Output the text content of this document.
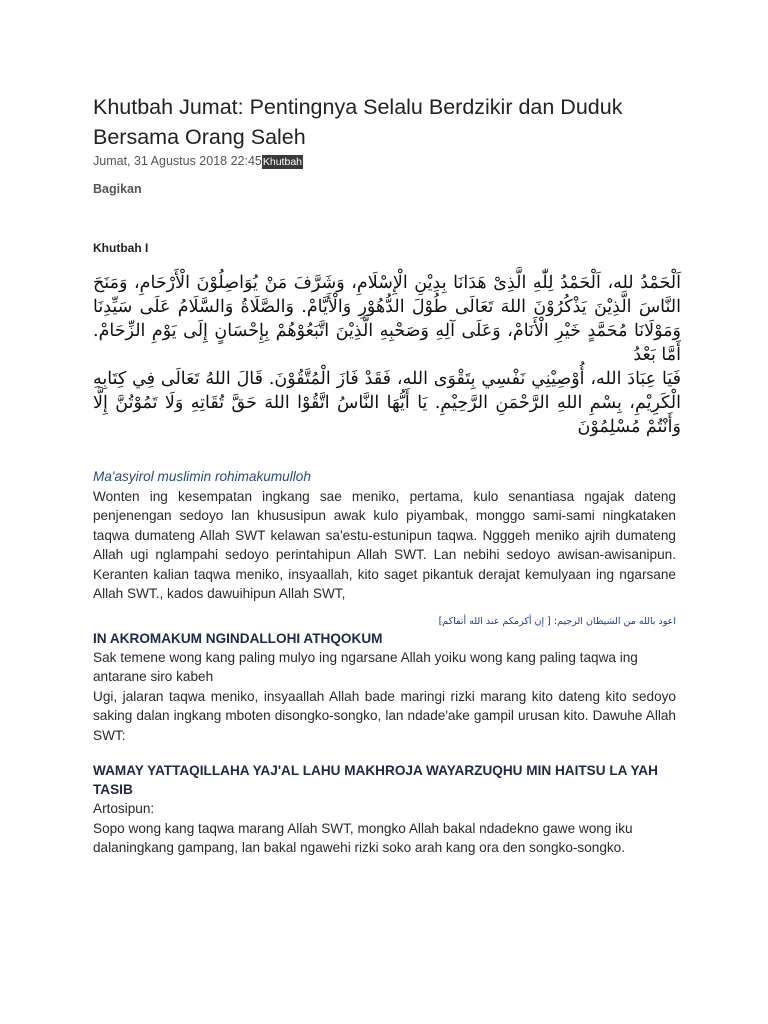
Khutbah Jumat: Pentingnya Selalu Berdzikir dan Duduk Bersama Orang Saleh
Jumat, 31 Agustus 2018 22:45Khutbah
Bagikan
Khutbah I

اَلْحَمْدُ لله، اَلْحَمْدُ لِلّٰهِ الَّذِىْ هَدَانَا بِدِيْنِ الْإِسْلَامِ، وَشَرَّفَ مَنْ يُوَاصِلُوْنَ الْأَرْحَامِ، وَمَنَحَ النَّاسَ الَّذِيْنَ يَذْكُرُوْنَ اللهَ تَعَالَى طُوْلَ الدُّهُوْرِ وَالْأَيَّامْ. وَالصَّلَاةُ وَالسَّلَامُ عَلَى سَيِّدِنَا وَمَوْلَانَا مُحَمَّدٍ خَيْرِ الْأَنَامْ، وَعَلَى آلِهِ وَصَحْبِهِ الَّذِيْنَ اتَّبَعُوْهُمْ بِإِحْسَانٍ إِلَى يَوْمِ الزِّحَامْ. أَمَّا بَعْدُ

فَيَا عِبَادَ الله، أُوْصِيْنِي نَفْسِي بِتَقْوَى الله، فَقَدْ فَازَ الْمُتَّقُوْنَ. قَالَ اللهُ تَعَالَى فِي كِتَابِهِ الْكَرِيْمِ، بِسْمِ اللهِ الرَّحْمَنِ الرَّحِيْمِ. يَا أَيُّهَا النَّاسُ اتَّقُوْا اللهَ حَقَّ تُقَاتِهِ وَلَا تَمُوْتُنَّ إِلَّا وَأَنْتُمْ مُسْلِمُوْنَ

Ma'asyirol muslimin rohimakumulloh

Wonten ing kesempatan ingkang sae meniko, pertama, kulo senantiasa ngajak dateng penjenengan sedoyo lan khususipun awak kulo piyambak, monggo sami-sami ningkataken taqwa dumateng Allah SWT kelawan sa'estu-estunipun taqwa. Ngggeh meniko ajrih dumateng Allah ugi nglampahi sedoyo perintahipun Allah SWT. Lan nebihi sedoyo awisan-awisanipun. Keranten kalian taqwa meniko, insyaallah, kito saget pikantuk derajat kemulyaan ing ngarsane Allah SWT., kados dawuihipun Allah SWT,

اعوذ بالله من الشيطان الرجيم: [ إن أكرمكم عند الله أتقاكم]

IN AKROMAKUM NGINDALLOHI ATHQOKUM

Sak temene wong kang paling mulyo ing ngarsane Allah yoiku wong kang paling taqwa ing antarane siro kabeh

Ugi, jalaran taqwa meniko, insyaallah Allah bade maringi rizki marang kito dateng kito sedoyo saking dalan ingkang mboten disongko-songko, lan ndade'ake gampil urusan kito. Dawuhe Allah SWT:

WAMAY YATTAQILLAHA YAJ'AL LAHU MAKHROJA WAYARZUQHU MIN HAITSU LA YAH TASIB

Artosipun:

Sopo wong kang taqwa marang Allah SWT, mongko Allah bakal ndadekno gawe wong iku dalaningkang gampang, lan bakal ngawehi rizki soko arah kang ora den songko-songko.
